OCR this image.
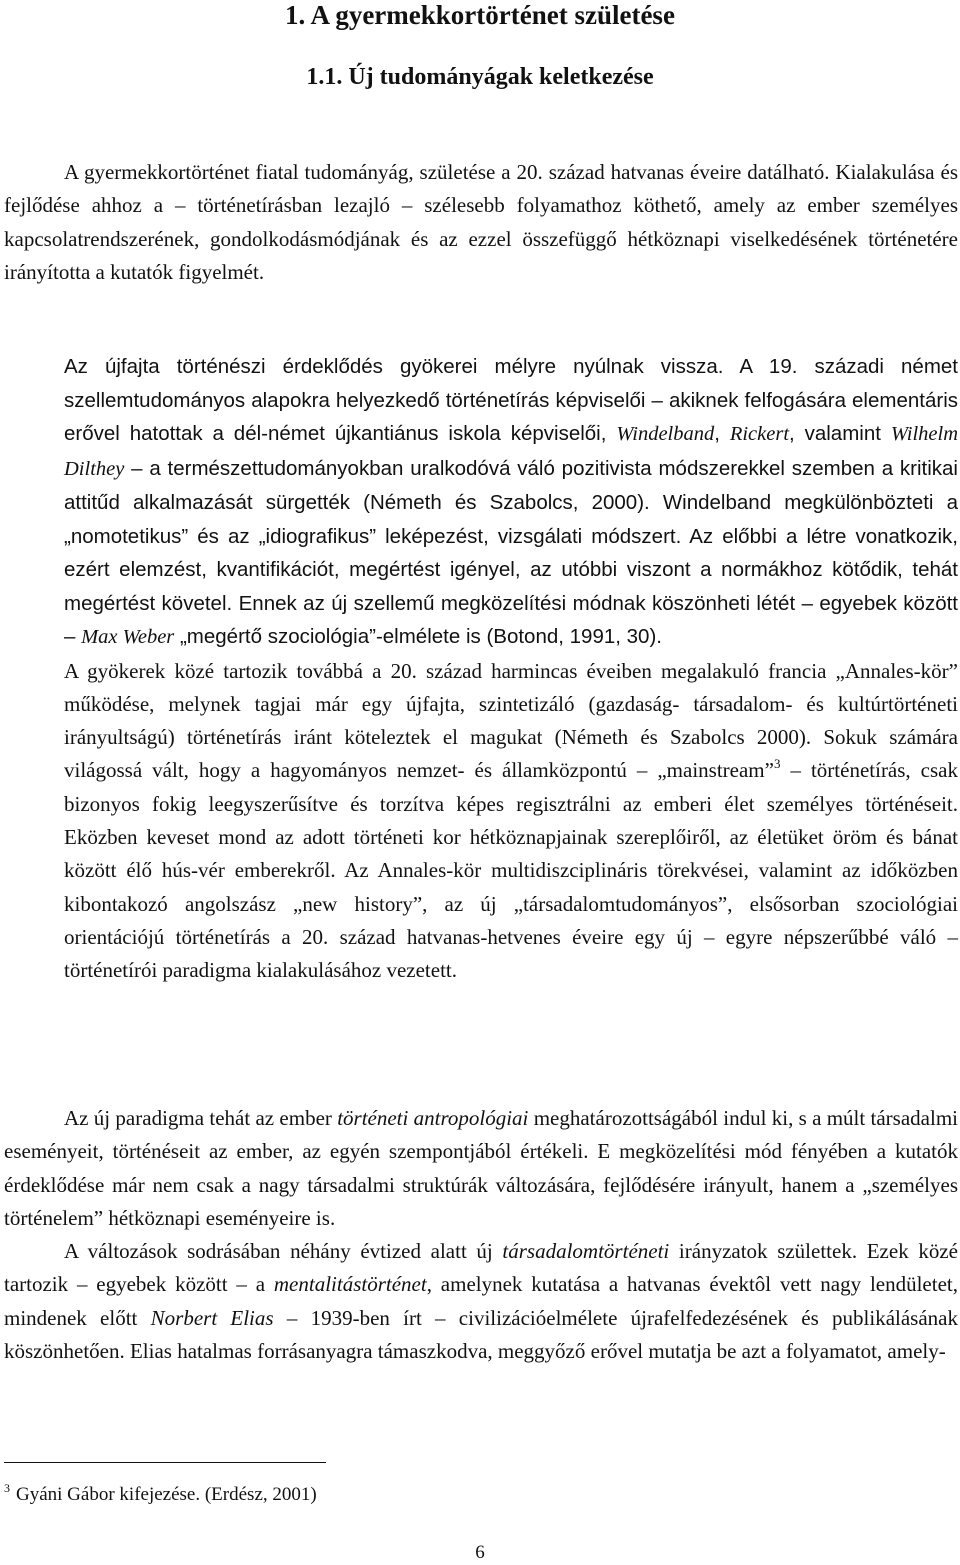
1. A gyermekkortörténet születése
1.1. Új tudományágak keletkezése

A gyermekkortörténet fiatal tudományág, születése a 20. század hatvanas éveire datálható. Kialakulása és fejlődése ahhoz a – történetírásban lezajló – szélesebb folyamathoz köthető, amely az ember személyes kapcsolatrendszerének, gondolkodásmódjának és az ezzel összefüggő hétköznapi viselkedésének történetére irányította a kutatók figyelmét.

Az újfajta történészi érdeklődés gyökerei mélyre nyúlnak vissza. A 19. századi német szellemtudományos alapokra helyezkedő történetírás képviselői – akiknek felfogására elementáris erővel hatottak a dél-német újkantiánus iskola képviselői, Windelband, Rickert, valamint Wilhelm Dilthey – a természettudományokban uralkodóvá váló pozitivista módszerekkel szemben a kritikai attitűd alkalmazását sürgették (Németh és Szabolcs, 2000). Windelband megkülönbözteti a „nomotetikus” és az „idiografikus” leképezést, vizsgálati módszert. Az előbbi a létre vonatkozik, ezért elemzést, kvantifikációt, megértést igényel, az utóbbi viszont a normákhoz kötődik, tehát megértést követel. Ennek az új szellemű megközelítési módnak köszönheti létét – egyebek között – Max Weber „megértő szociológia”-elmélete is (Botond, 1991, 30).

A gyökerek közé tartozik továbbá a 20. század harmincas éveiben megalakuló francia „Annales-kör” működése, melynek tagjai már egy újfajta, szintetizáló (gazdaság- társadalom- és kultúrtörténeti irányultságú) történetírás iránt köteleztek el magukat (Németh és Szabolcs 2000). Sokuk számára világossá vált, hogy a hagyományos nemzet- és államközpontú – „mainstream”$^3$ – történetírás, csak bizonyos fokig leegyszerűsítve és torzítva képes regisztrálni az emberi élet személyes történéseit. Eközben keveset mond az adott történeti kor hétköznapjainak szereplőiről, az életüket öröm és bánat között élő hús-vér emberekről. Az Annales-kör multidiszciplináris törekvései, valamint az időközben kibontakozó angolszász „new history”, az új „társadalomtudományos”, elsősorban szociológiai orientációjú történetírás a 20. század hatvanas-hetvenes éveire egy új – egyre népszerűbbé váló – történetírói paradigma kialakulásához vezetett.

Az új paradigma tehát az ember történeti antropológiai meghatározottságából indul ki, s a múlt társadalmi eseményeit, történéseit az ember, az egyén szempontjából értékeli. E megközelítési mód fényében a kutatók érdeklődése már nem csak a nagy társadalmi struktúrák változására, fejlődésére irányult, hanem a „személyes történelem” hétköznapi eseményeire is.

A változások sodrásában néhány évtized alatt új társadalomtörténeti irányzatok születtek. Ezek közé tartozik – egyebek között – a mentalitástörténet, amelynek kutatása a hatvanas évektôl vett nagy lendületet, mindenek előtt Norbert Elias – 1939-ben írt – civilizációelmélete újrafelfedezésének és publikálásának köszönhetően. Elias hatalmas forrásanyagra támaszkodva, meggyőző erővel mutatja be azt a folyamatot, amely-

$^3$ Gyáni Gábor kifejezése. (Erdész, 2001)
6
